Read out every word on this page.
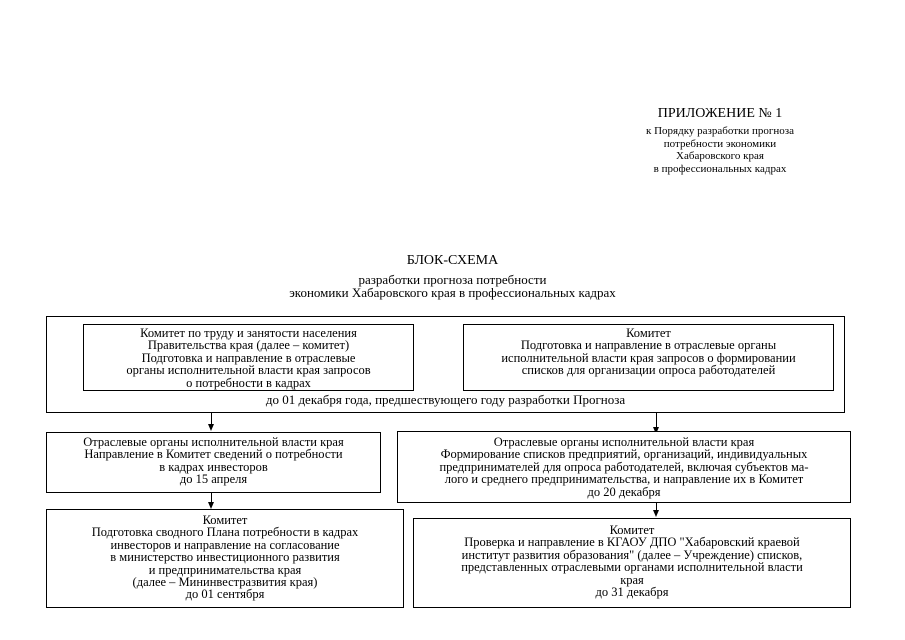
ПРИЛОЖЕНИЕ № 1
к Порядку разработки прогноза
потребности экономики
Хабаровского края
в профессиональных кадрах
БЛОК-СХЕМА
разработки прогноза потребности
экономики Хабаровского края в профессиональных кадрах
Комитет по труду и занятости населения
Правительства края (далее – комитет)
Подготовка и направление в отраслевые
органы исполнительной власти края запросов
о потребности в кадрах
Комитет
Подготовка и направление в отраслевые органы
исполнительной власти края запросов о формировании
списков для организации опроса работодателей
до 01 декабря года, предшествующего году разработки Прогноза
Отраслевые органы исполнительной власти края
Направление в Комитет сведений о потребности
в кадрах инвесторов
до 15 апреля
Комитет
Подготовка сводного Плана потребности в кадрах
инвесторов и направление на согласование
в министерство инвестиционного развития
и предпринимательства края
(далее – Мининвестразвития края)
до 01 сентября
Отраслевые органы исполнительной власти края
Формирование списков предприятий, организаций, индивидуальных
предпринимателей для опроса работодателей, включая субъектов ма-
лого и среднего предпринимательства, и направление их в Комитет
до 20 декабря
Комитет
Проверка и направление в КГАОУ ДПО "Хабаровский краевой
институт развития образования" (далее – Учреждение) списков,
представленных отраслевыми органами исполнительной власти
края
до 31 декабря
